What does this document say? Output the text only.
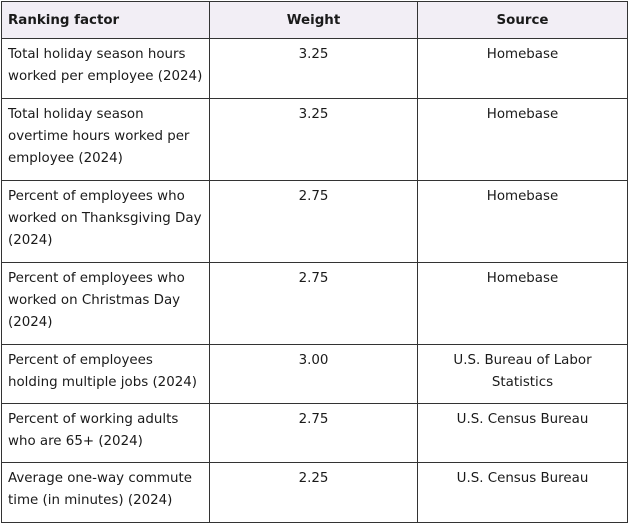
Ranking factor	Weight	Source
Total holiday season hours worked per employee (2024)	3.25	Homebase
Total holiday season overtime hours worked per employee (2024)	3.25	Homebase
Percent of employees who worked on Thanksgiving Day (2024)	2.75	Homebase
Percent of employees who worked on Christmas Day (2024)	2.75	Homebase
Percent of employees holding multiple jobs (2024)	3.00	U.S. Bureau of Labor Statistics
Percent of working adults who are 65+ (2024)	2.75	U.S. Census Bureau
Average one-way commute time (in minutes) (2024)	2.25	U.S. Census Bureau
